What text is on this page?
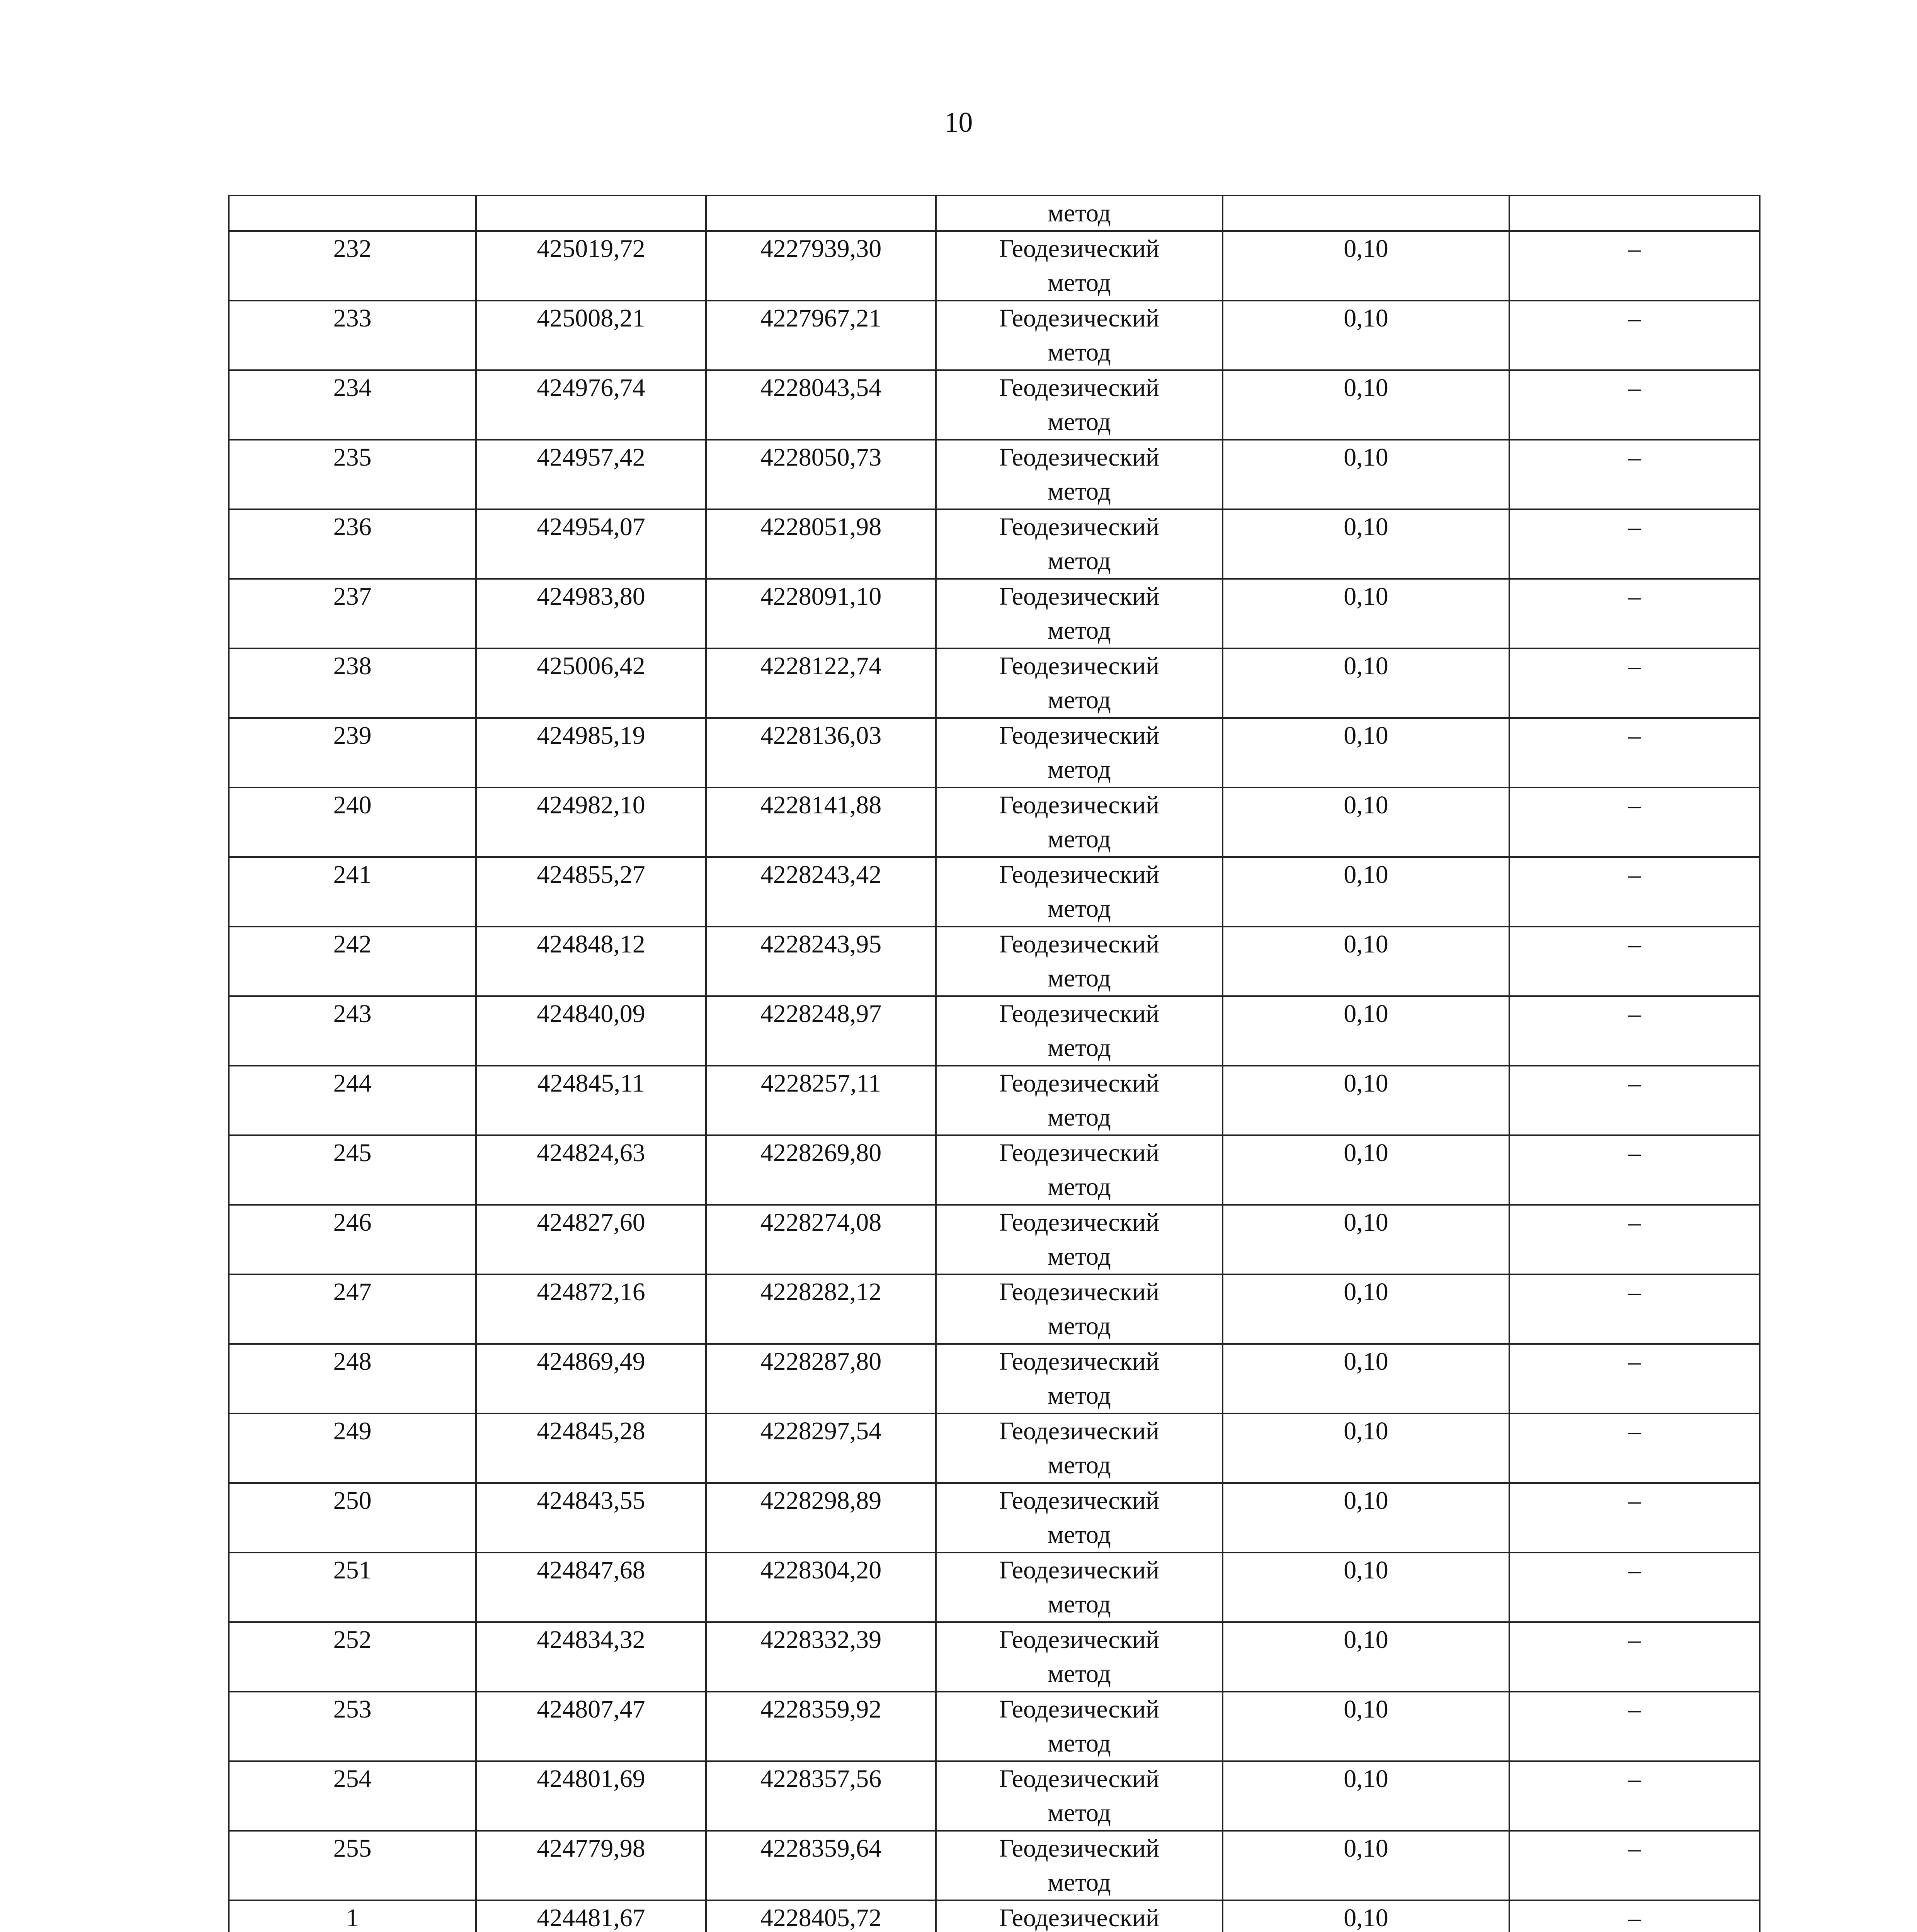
10

			метод		

232	425019,72	4227939,30	Геодезический
метод	0,10	–

233	425008,21	4227967,21	Геодезический
метод	0,10	–

234	424976,74	4228043,54	Геодезический
метод	0,10	–

235	424957,42	4228050,73	Геодезический
метод	0,10	–

236	424954,07	4228051,98	Геодезический
метод	0,10	–

237	424983,80	4228091,10	Геодезический
метод	0,10	–

238	425006,42	4228122,74	Геодезический
метод	0,10	–

239	424985,19	4228136,03	Геодезический
метод	0,10	–

240	424982,10	4228141,88	Геодезический
метод	0,10	–

241	424855,27	4228243,42	Геодезический
метод	0,10	–

242	424848,12	4228243,95	Геодезический
метод	0,10	–

243	424840,09	4228248,97	Геодезический
метод	0,10	–

244	424845,11	4228257,11	Геодезический
метод	0,10	–

245	424824,63	4228269,80	Геодезический
метод	0,10	–

246	424827,60	4228274,08	Геодезический
метод	0,10	–

247	424872,16	4228282,12	Геодезический
метод	0,10	–

248	424869,49	4228287,80	Геодезический
метод	0,10	–

249	424845,28	4228297,54	Геодезический
метод	0,10	–

250	424843,55	4228298,89	Геодезический
метод	0,10	–

251	424847,68	4228304,20	Геодезический
метод	0,10	–

252	424834,32	4228332,39	Геодезический
метод	0,10	–

253	424807,47	4228359,92	Геодезический
метод	0,10	–

254	424801,69	4228357,56	Геодезический
метод	0,10	–

255	424779,98	4228359,64	Геодезический
метод	0,10	–

1	424481,67	4228405,72	Геодезический	0,10	–
